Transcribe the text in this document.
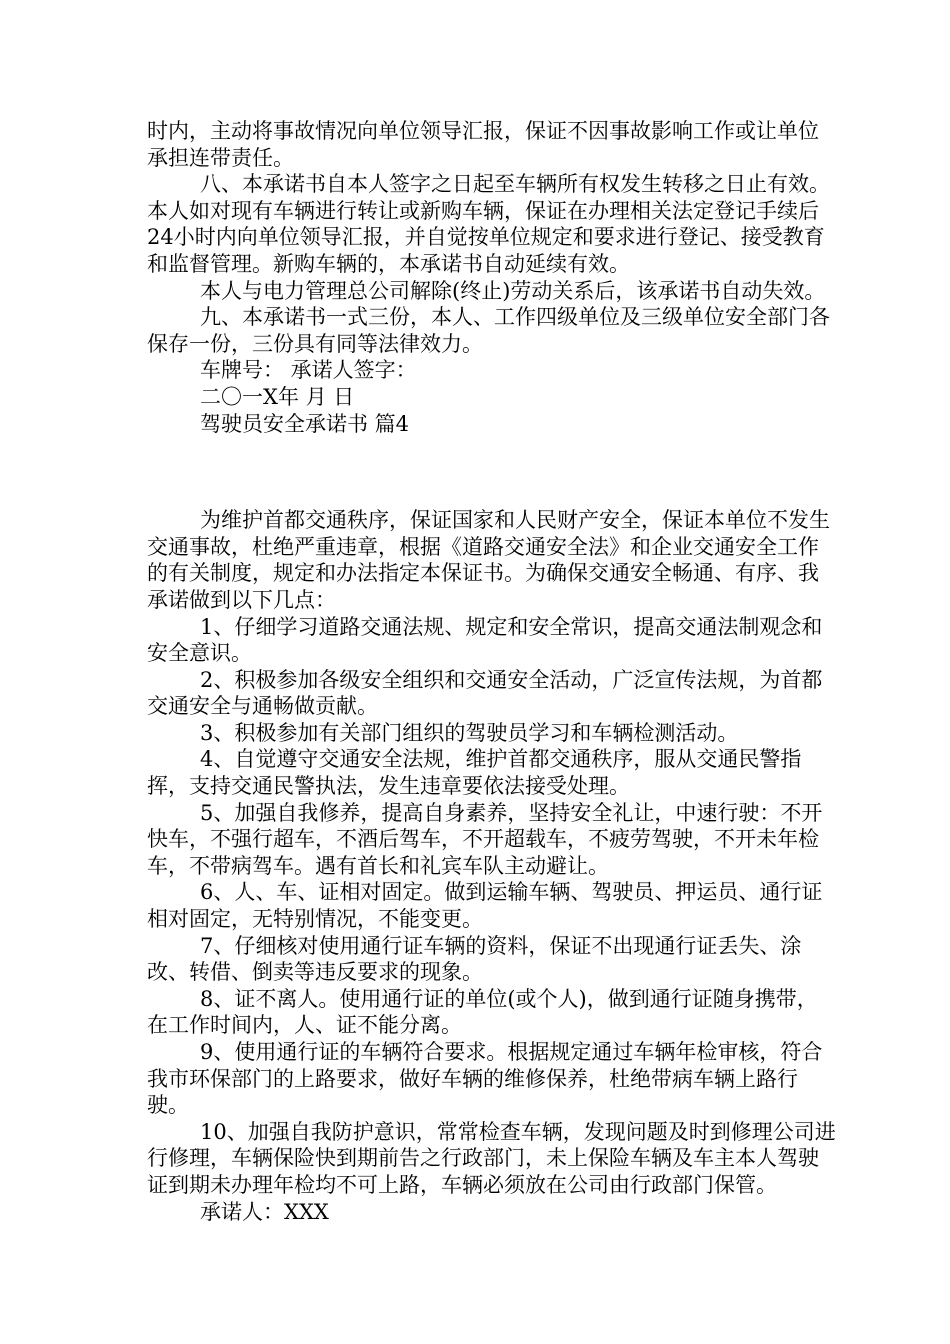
时内，主动将事故情况向单位领导汇报，保证不因事故影响工作或让单位承担连带责任。

八、本承诺书自本人签字之日起至车辆所有权发生转移之日止有效。本人如对现有车辆进行转让或新购车辆，保证在办理相关法定登记手续后24小时内向单位领导汇报，并自觉按单位规定和要求进行登记、接受教育和监督管理。新购车辆的，本承诺书自动延续有效。

本人与电力管理总公司解除(终止)劳动关系后，该承诺书自动失效。

九、本承诺书一式三份，本人、工作四级单位及三级单位安全部门各保存一份，三份具有同等法律效力。

车牌号： 承诺人签字：

二〇一X年 月 日

驾驶员安全承诺书 篇4

为维护首都交通秩序，保证国家和人民财产安全，保证本单位不发生交通事故，杜绝严重违章，根据《道路交通安全法》和企业交通安全工作的有关制度，规定和办法指定本保证书。为确保交通安全畅通、有序、我承诺做到以下几点：

1、仔细学习道路交通法规、规定和安全常识，提高交通法制观念和安全意识。

2、积极参加各级安全组织和交通安全活动，广泛宣传法规，为首都交通安全与通畅做贡献。

3、积极参加有关部门组织的驾驶员学习和车辆检测活动。

4、自觉遵守交通安全法规，维护首都交通秩序，服从交通民警指挥，支持交通民警执法，发生违章要依法接受处理。

5、加强自我修养，提高自身素养，坚持安全礼让，中速行驶：不开快车，不强行超车，不酒后驾车，不开超载车，不疲劳驾驶，不开未年检车，不带病驾车。遇有首长和礼宾车队主动避让。

6、人、车、证相对固定。做到运输车辆、驾驶员、押运员、通行证相对固定，无特别情况，不能变更。

7、仔细核对使用通行证车辆的资料，保证不出现通行证丢失、涂改、转借、倒卖等违反要求的现象。

8、证不离人。使用通行证的单位(或个人)，做到通行证随身携带，在工作时间内，人、证不能分离。

9、使用通行证的车辆符合要求。根据规定通过车辆年检审核，符合我市环保部门的上路要求，做好车辆的维修保养，杜绝带病车辆上路行驶。

10、加强自我防护意识，常常检查车辆，发现问题及时到修理公司进行修理，车辆保险快到期前告之行政部门，未上保险车辆及车主本人驾驶证到期未办理年检均不可上路，车辆必须放在公司由行政部门保管。

承诺人：XXX
